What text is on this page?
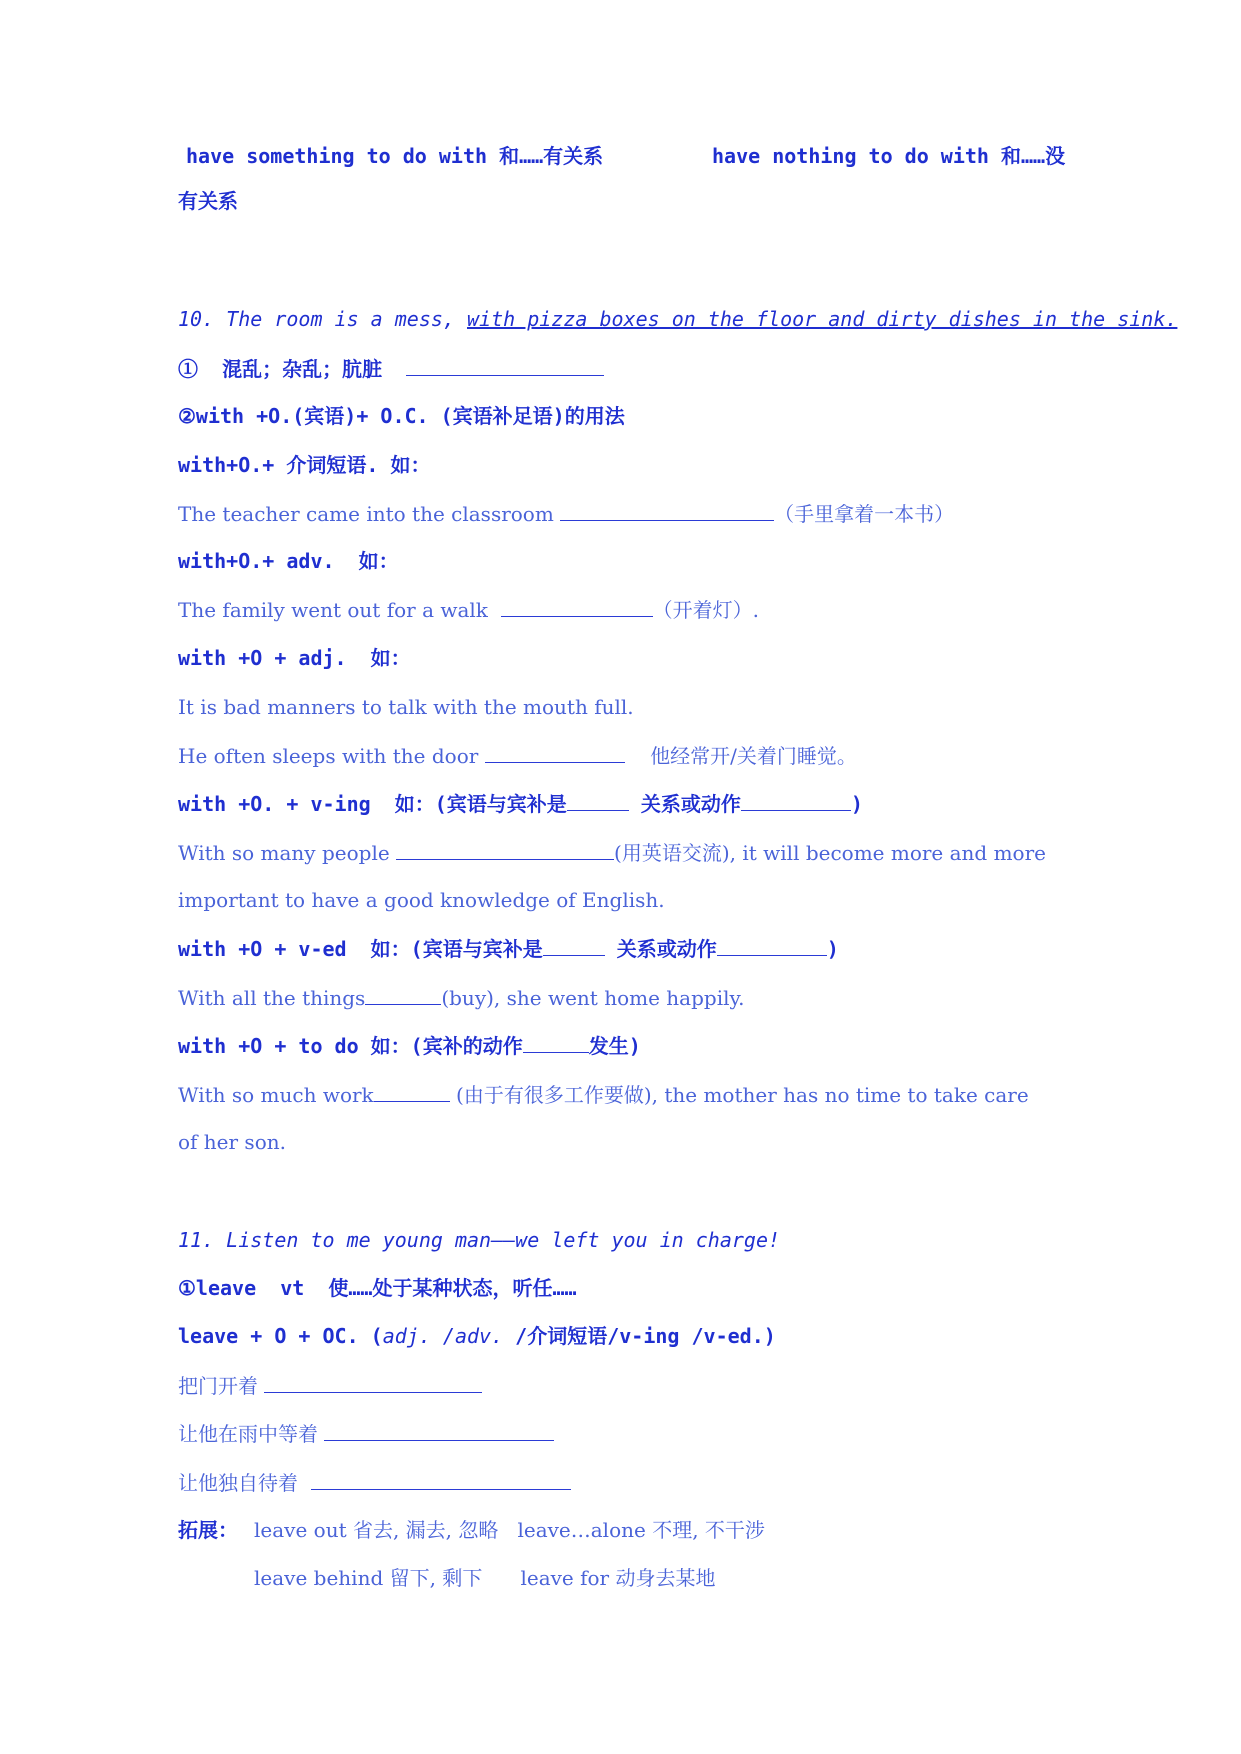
have something to do with 和……有关系	have nothing to do with 和……没
有关系
10. The room is a mess, with pizza boxes on the floor and dirty dishes in the sink.
①  混乱；杂乱；肮脏
②with +O.(宾语)+ O.C. (宾语补足语)的用法
with+O.+ 介词短语. 如：
The teacher came into the classroom	（手里拿着一本书）
with+O.+ adv.  如：
The family went out for a walk	（开着灯）.
with +O + adj.  如：
It is bad manners to talk with the mouth full.
He often sleeps with the door	他经常开/关着门睡觉。
with +O. + v-ing  如：(宾语与宾补是	关系或动作	)
With so many people	(用英语交流), it will become more and more
important to have a good knowledge of English.
with +O + v-ed  如：(宾语与宾补是	关系或动作	)
With all the things	(buy), she went home happily.
with +O + to do 如：(宾补的动作	发生)
With so much work	(由于有很多工作要做), the mother has no time to take care
of her son.
11. Listen to me young man——we left you in charge!
①leave  vt  使……处于某种状态，听任……
leave + O + OC. (adj. /adv. /介词短语/v-ing /v-ed.)
把门开着
让他在雨中等着
让他独自待着
拓展： leave out 省去, 漏去, 忽略   leave…alone 不理, 不干涉
leave behind 留下, 剩下      leave for 动身去某地
